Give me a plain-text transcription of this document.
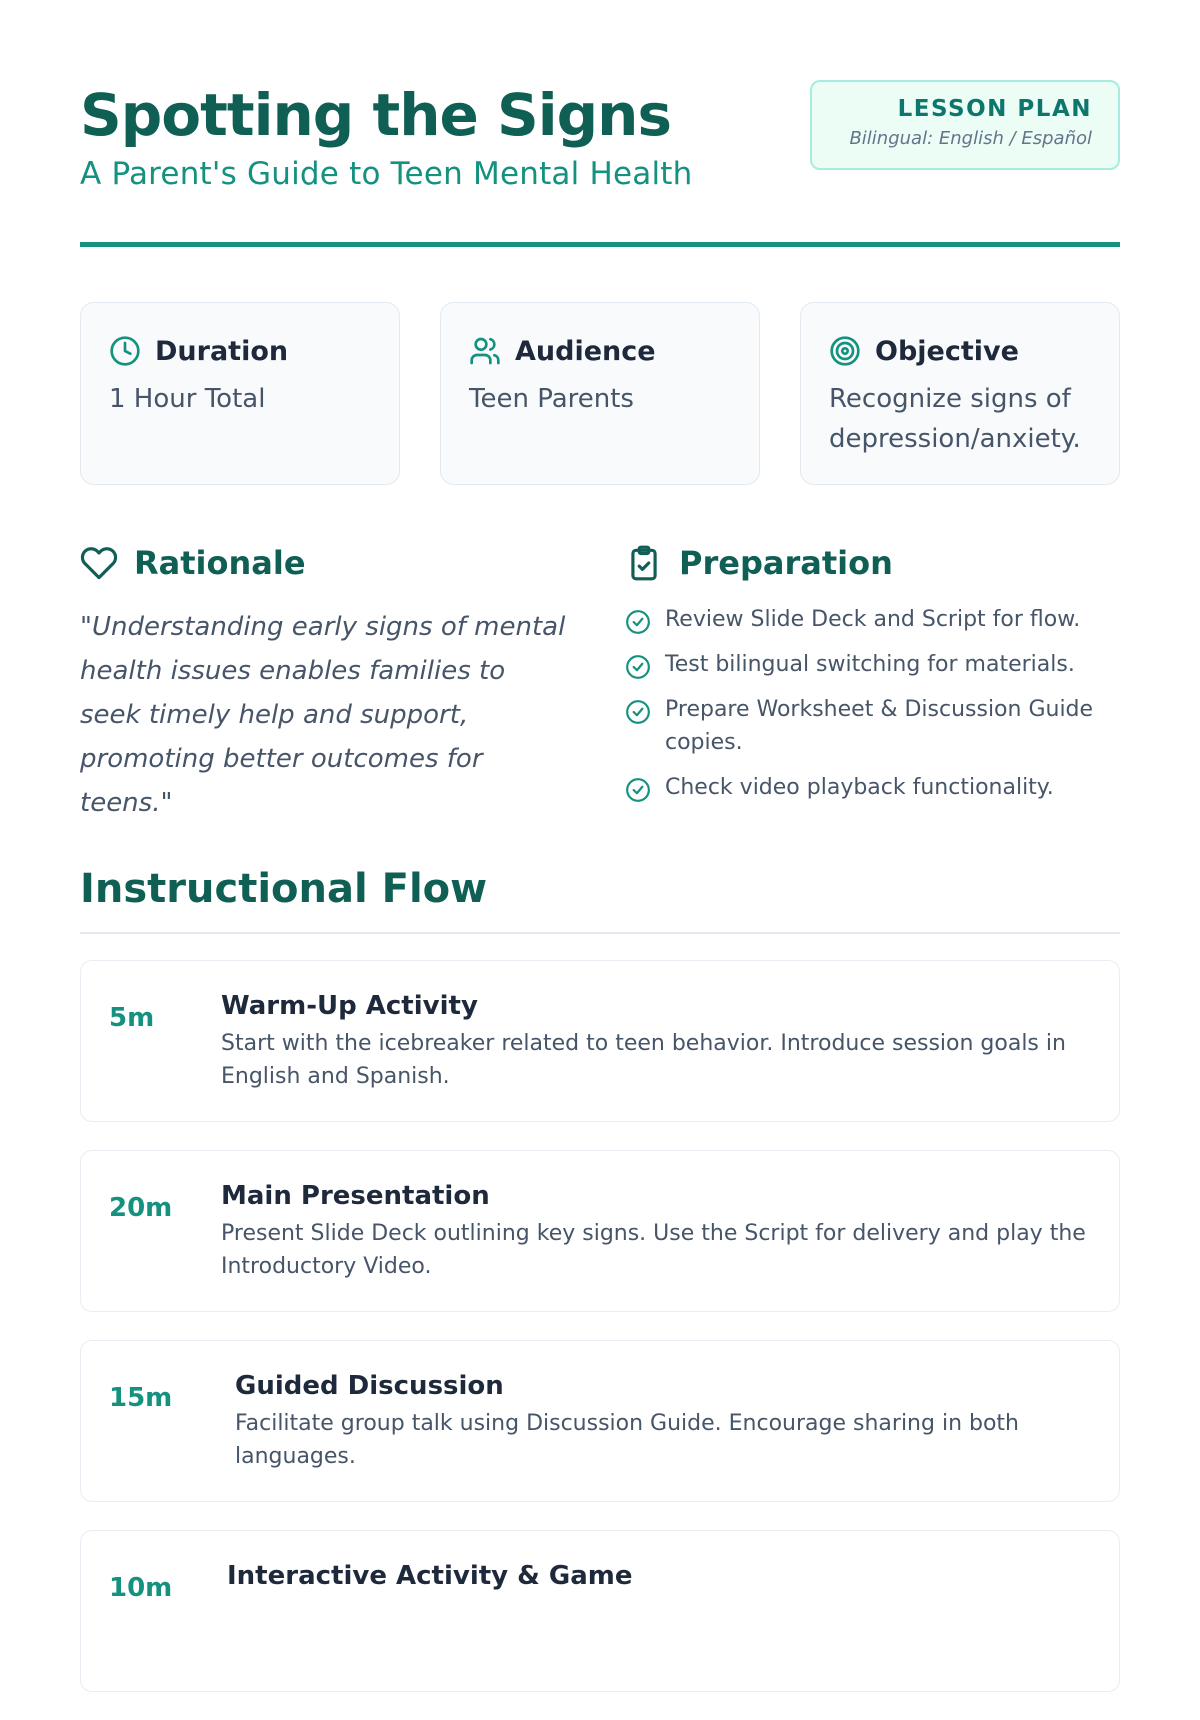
Spotting the Signs
A Parent's Guide to Teen Mental Health
LESSON PLAN
Bilingual: English / Español
Duration
1 Hour Total
Audience
Teen Parents
Objective
Recognize signs of depression/anxiety.
Rationale

"Understanding early signs of mental health issues enables families to seek timely help and support, promoting better outcomes for teens."

Preparation
Review Slide Deck and Script for flow.
Test bilingual switching for materials.
Prepare Worksheet & Discussion Guide copies.
Check video playback functionality.
Instructional Flow
5m	Warm-Up Activity
Start with the icebreaker related to teen behavior. Introduce session goals in English and Spanish.
20m Main Presentation
Present Slide Deck outlining key signs. Use the Script for delivery and play the Introductory Video.
15m Guided Discussion
Facilitate group talk using Discussion Guide. Encourage sharing in both languages.
10m Interactive Activity & Game
